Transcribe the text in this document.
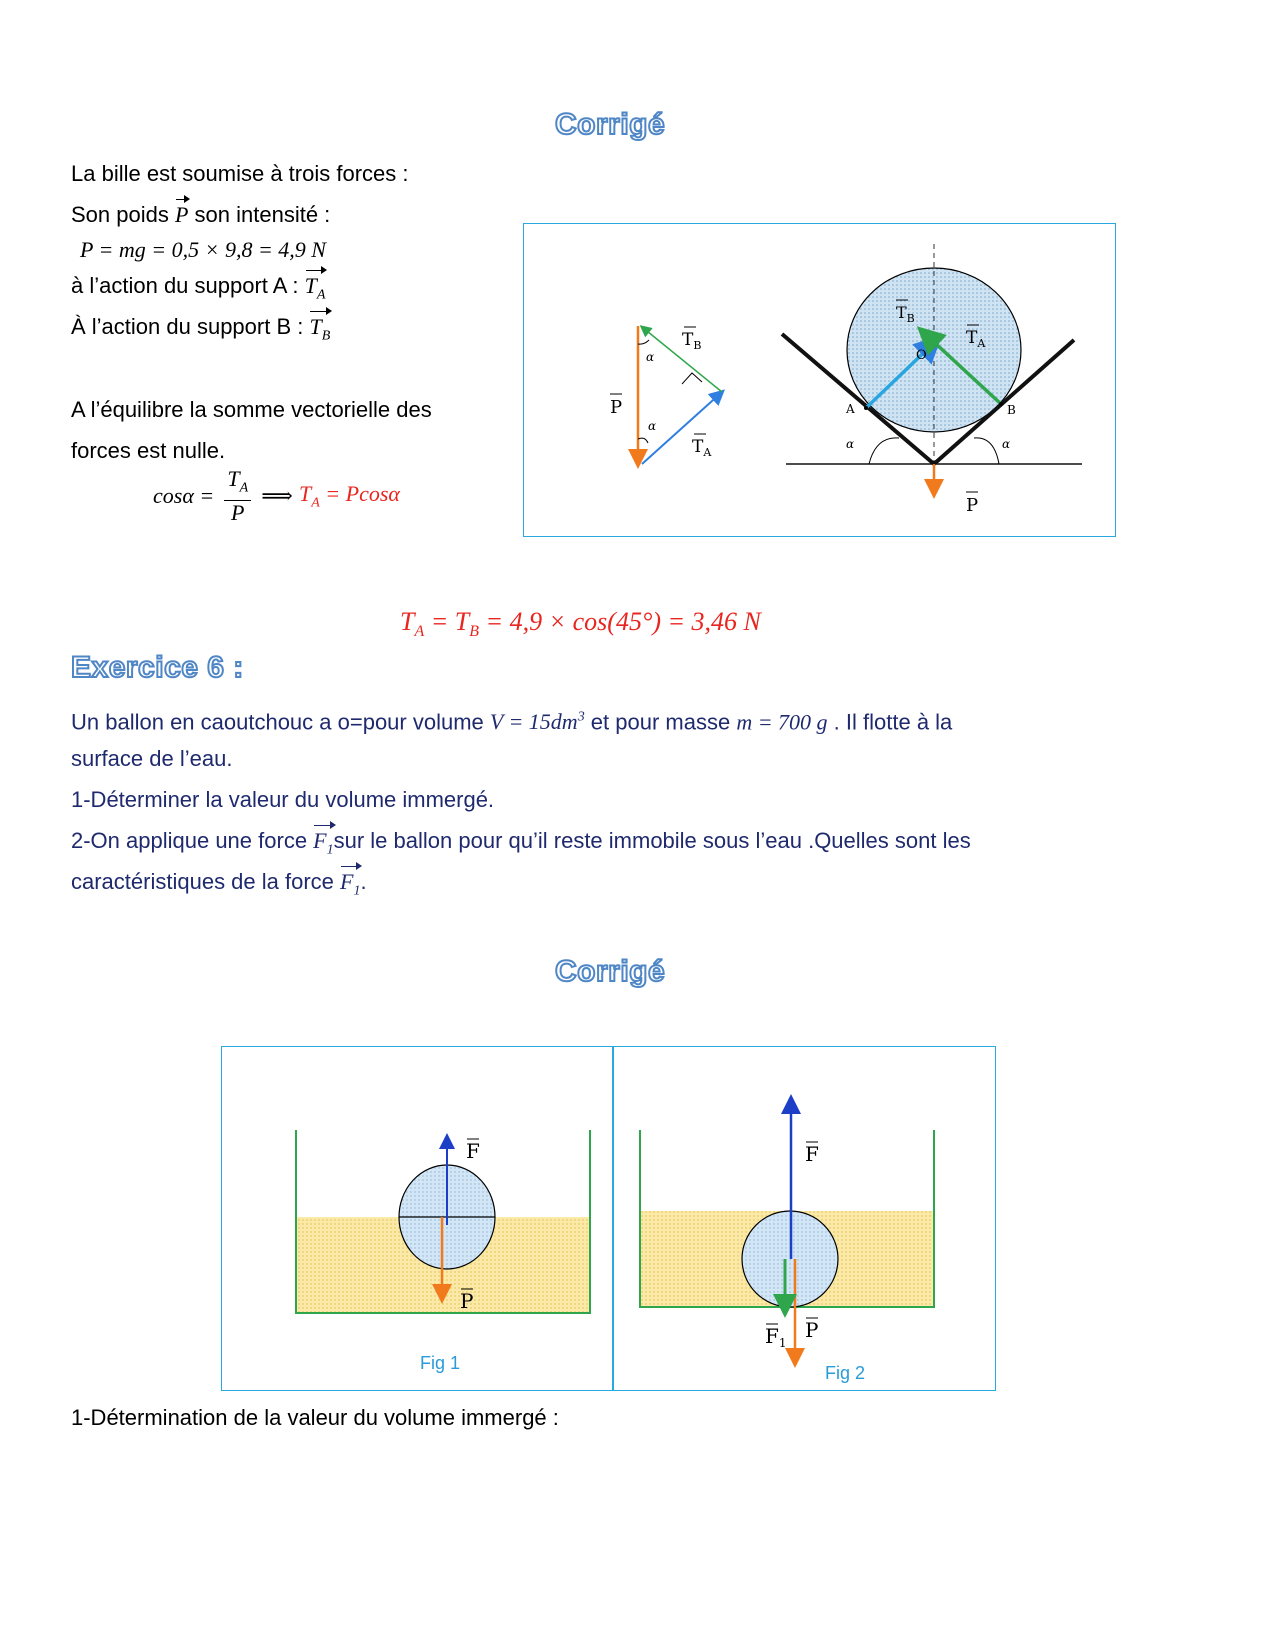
Corrigé
La bille est soumise à trois forces :
Son poids P son intensité :
P = mg = 0,5 × 9,8 = 4,9 N
à l’action du support A : $T_A$
À l’action du support B : $T_B$
A l’équilibre la somme vectorielle des
forces est nulle.
$\cos\alpha = \frac{T_A}{P}$ ⟹ $T_A = Pcos\alpha$
α
α
$T_B$
$T_A$
P	A	B
O
α	α
$T_B$
$T_A$
P
$T_A = T_B = 4,9 \times \cos(45^\circ) = 3,46$ N
Exercice 6 :
Un ballon en caoutchouc a o=pour volume $V = 15dm^3$ et pour masse m = 700 g . Il flotte à la
surface de l’eau.
1-Déterminer la valeur du volume immergé.
2-On applique une force $F_1sur$ le ballon pour qu’il reste immobile sous l’eau .Quelles sont les
caractéristiques de la force $F_1$.
Corrigé
F
P
Fig 1
F
P
$F_1$
Fig 2
1-Détermination de la valeur du volume immergé :
